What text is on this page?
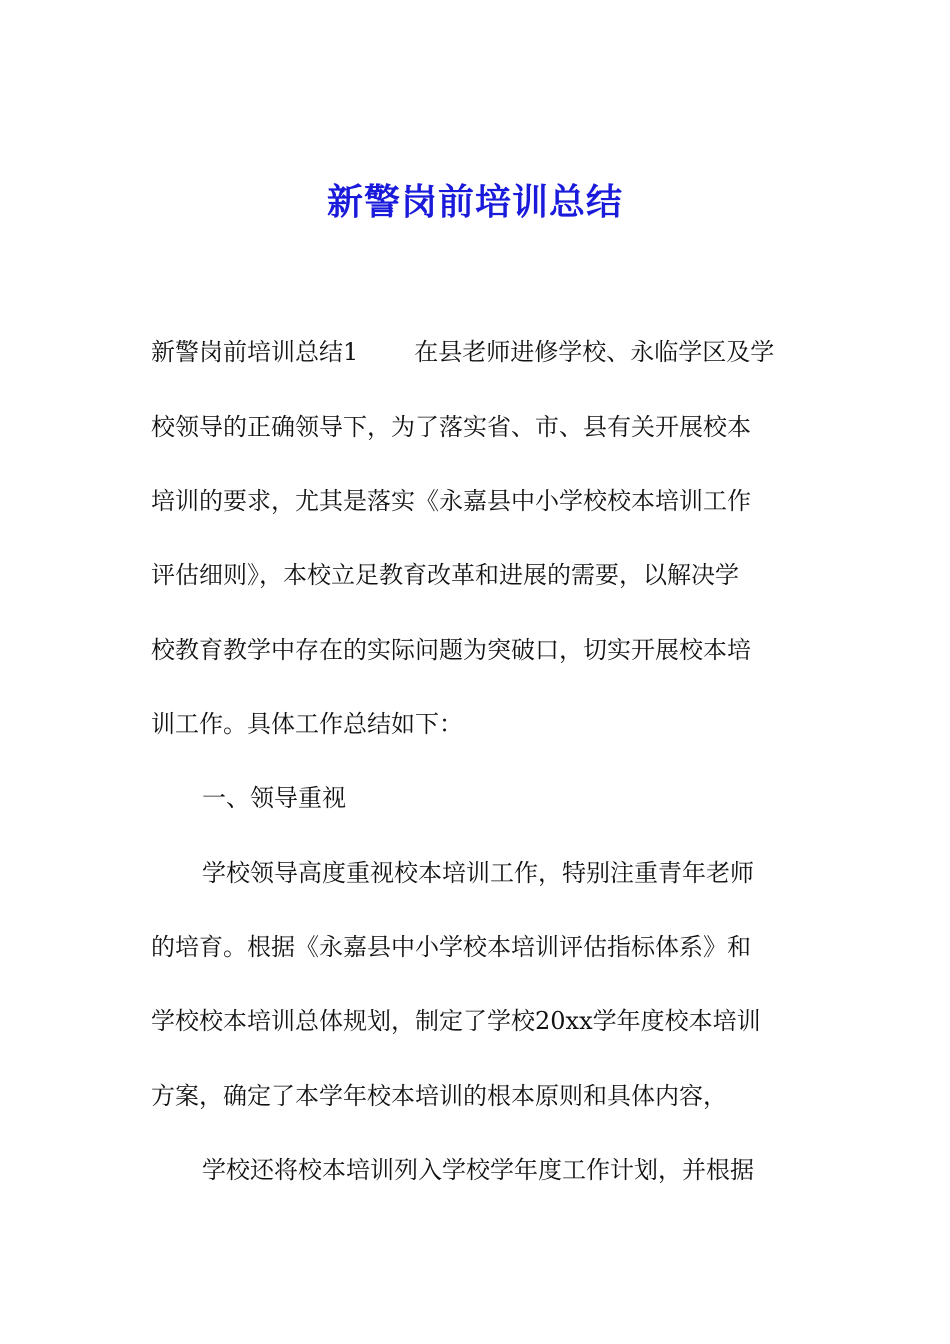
新警岗前培训总结
新警岗前培训总结1 在县老师进修学校、永临学区及学
校领导的正确领导下，为了落实省、市、县有关开展校本
培训的要求，尤其是落实《永嘉县中小学校校本培训工作
评估细则》，本校立足教育改革和进展的需要，以解决学
校教育教学中存在的实际问题为突破口，切实开展校本培
训工作。具体工作总结如下：
一、领导重视
学校领导高度重视校本培训工作，特别注重青年老师
的培育。根据《永嘉县中小学校本培训评估指标体系》和
学校校本培训总体规划，制定了学校20xx学年度校本培训
方案，确定了本学年校本培训的根本原则和具体内容，
学校还将校本培训列入学校学年度工作计划，并根据
